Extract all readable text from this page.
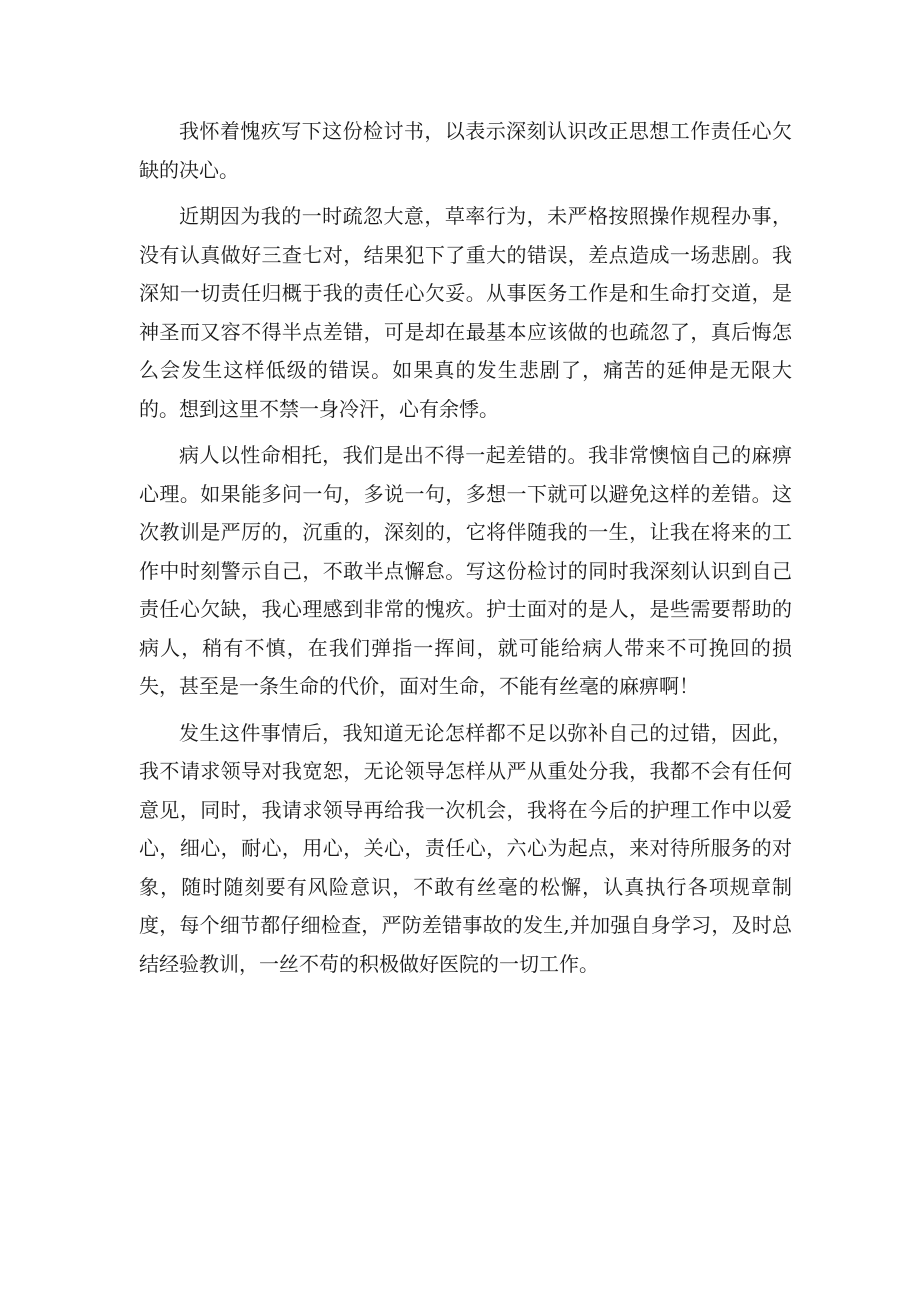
我怀着愧疚写下这份检讨书，以表示深刻认识改正思想工作责任心欠缺的决心。

近期因为我的一时疏忽大意，草率行为，未严格按照操作规程办事，没有认真做好三查七对，结果犯下了重大的错误，差点造成一场悲剧。我深知一切责任归概于我的责任心欠妥。从事医务工作是和生命打交道，是神圣而又容不得半点差错，可是却在最基本应该做的也疏忽了，真后悔怎么会发生这样低级的错误。如果真的发生悲剧了，痛苦的延伸是无限大的。想到这里不禁一身冷汗，心有余悸。

病人以性命相托，我们是出不得一起差错的。我非常懊恼自己的麻痹心理。如果能多问一句，多说一句，多想一下就可以避免这样的差错。这次教训是严厉的，沉重的，深刻的，它将伴随我的一生，让我在将来的工作中时刻警示自己，不敢半点懈怠。写这份检讨的同时我深刻认识到自己责任心欠缺，我心理感到非常的愧疚。护士面对的是人，是些需要帮助的病人，稍有不慎，在我们弹指一挥间，就可能给病人带来不可挽回的损失，甚至是一条生命的代价，面对生命，不能有丝毫的麻痹啊！

发生这件事情后，我知道无论怎样都不足以弥补自己的过错，因此，我不请求领导对我宽恕，无论领导怎样从严从重处分我，我都不会有任何意见，同时，我请求领导再给我一次机会，我将在今后的护理工作中以爱心，细心，耐心，用心，关心，责任心，六心为起点，来对待所服务的对象，随时随刻要有风险意识，不敢有丝毫的松懈，认真执行各项规章制度，每个细节都仔细检查，严防差错事故的发生,并加强自身学习，及时总结经验教训，一丝不苟的积极做好医院的一切工作。
